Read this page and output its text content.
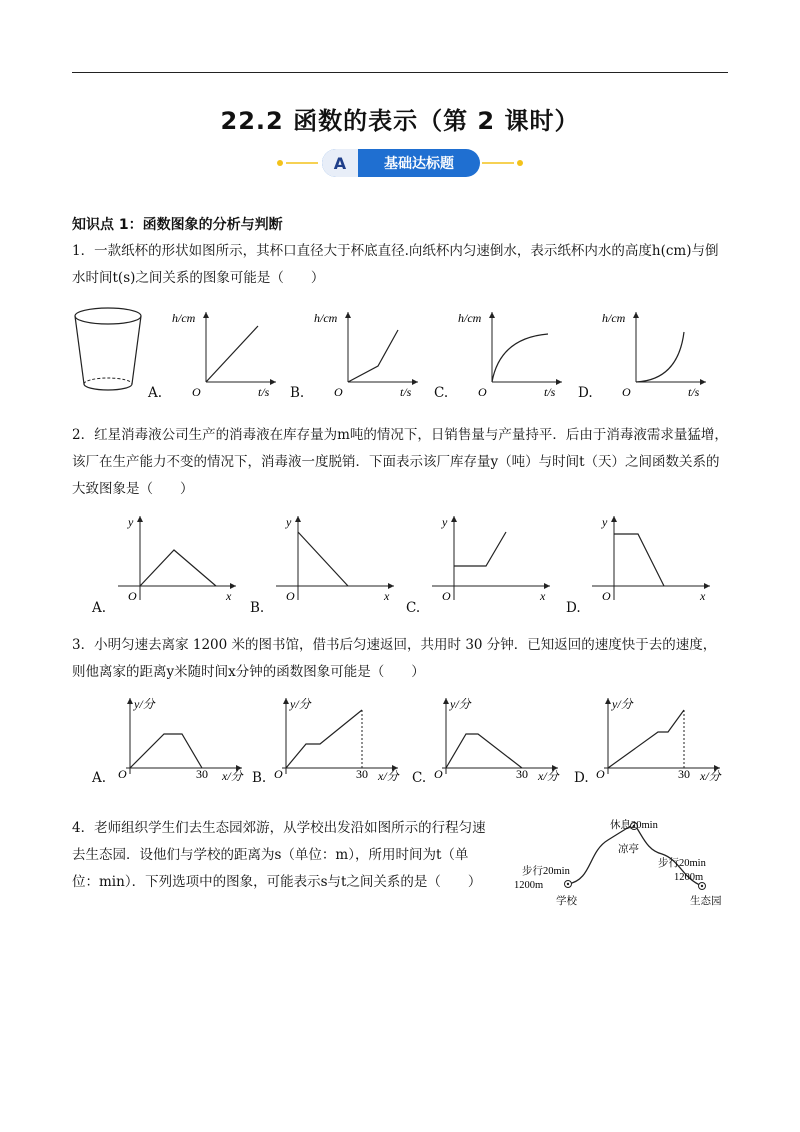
22.2 函数的表示（第 2 课时）
A	基础达标题
知识点 1：函数图象的分析与判断
1．一款纸杯的形状如图所示，其杯口直径大于杯底直径.向纸杯内匀速倒水，表示纸杯内水的高度h(cm)与倒水时间t(s)之间关系的图象可能是（　　）
h/cm
t/s
O
A.
h/cm
t/s
O
B.
h/cm
t/s
O
C.
h/cm
t/s
O
D.
2．红星消毒液公司生产的消毒液在库存量为m吨的情况下，日销售量与产量持平．后由于消毒液需求量猛增，该厂在生产能力不变的情况下，消毒液一度脱销．下面表示该厂库存量y（吨）与时间t（天）之间函数关系的大致图象是（　　）
y
x
O
A.
y
x
O
B.
y
x
O
C.
y
x
O
D.
3．小明匀速去离家 1200 米的图书馆，借书后匀速返回，共用时 30 分钟．已知返回的速度快于去的速度，则他离家的距离y米随时间x分钟的函数图象可能是（　　）
y/分
x/分
O	30
A.
y/分
x/分
O	30
B.
y/分
x/分
O	30
C.
y/分
x/分
O	30
D.
4．老师组织学生们去生态园郊游，从学校出发沿如图所示的行程匀速去生态园．设他们与学校的距离为s（单位：m），所用时间为t（单位：min）．下列选项中的图象，可能表示s与t之间关系的是（　　）
休息20min
凉亭
步行20min
1200m
学校
步行20min
1200m
生态园
